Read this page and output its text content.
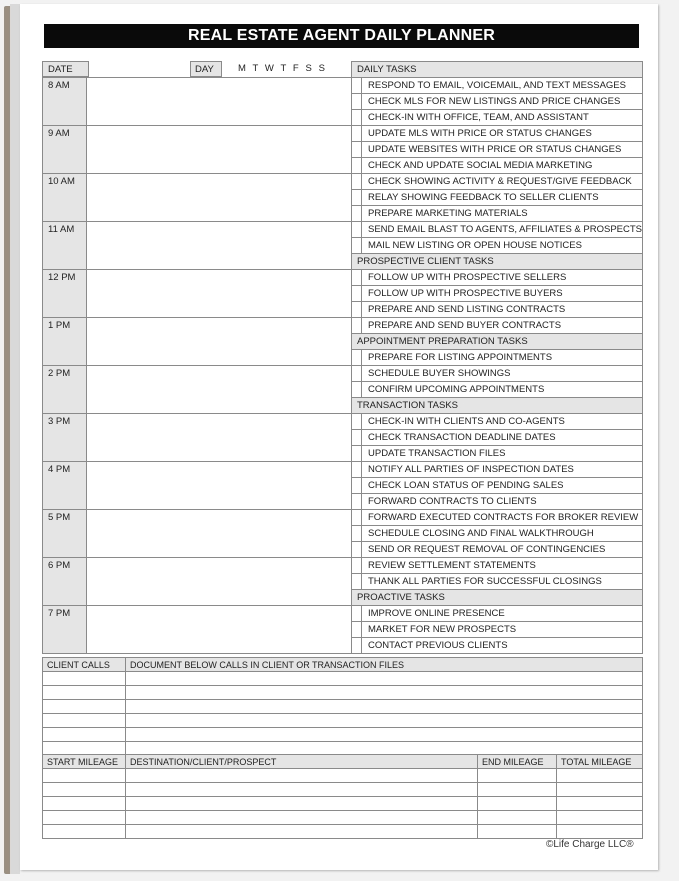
REAL ESTATE AGENT DAILY PLANNER
DATE	DAY	M  T  W  T  F  S  S
8 AM	
9 AM	
10 AM	
11 AM	
12 PM	
1 PM	
2 PM	
3 PM	
4 PM	
5 PM	
6 PM	
7 PM	
DAILY TASKS	
	RESPOND TO EMAIL, VOICEMAIL, AND TEXT MESSAGES
	CHECK MLS FOR NEW LISTINGS AND PRICE CHANGES
	CHECK-IN WITH OFFICE, TEAM, AND ASSISTANT
	UPDATE MLS WITH PRICE OR STATUS CHANGES
	UPDATE WEBSITES WITH PRICE OR STATUS CHANGES
	CHECK AND UPDATE SOCIAL MEDIA MARKETING
	CHECK SHOWING ACTIVITY & REQUEST/GIVE FEEDBACK
	RELAY SHOWING FEEDBACK TO SELLER CLIENTS
	PREPARE MARKETING MATERIALS
	SEND EMAIL BLAST TO AGENTS, AFFILIATES & PROSPECTS
	MAIL NEW LISTING OR OPEN HOUSE NOTICES
PROSPECTIVE CLIENT TASKS	
	FOLLOW UP WITH PROSPECTIVE SELLERS
	FOLLOW UP WITH PROSPECTIVE BUYERS
	PREPARE AND SEND LISTING CONTRACTS
	PREPARE AND SEND BUYER CONTRACTS
APPOINTMENT PREPARATION TASKS	
	PREPARE FOR LISTING APPOINTMENTS
	SCHEDULE BUYER SHOWINGS
	CONFIRM UPCOMING APPOINTMENTS
TRANSACTION TASKS	
	CHECK-IN WITH CLIENTS AND CO-AGENTS
	CHECK TRANSACTION DEADLINE DATES
	UPDATE TRANSACTION FILES
	NOTIFY ALL PARTIES OF INSPECTION DATES
	CHECK LOAN STATUS OF PENDING SALES
	FORWARD CONTRACTS TO CLIENTS
	FORWARD EXECUTED CONTRACTS FOR BROKER REVIEW
	SCHEDULE CLOSING AND FINAL WALKTHROUGH
	SEND OR REQUEST REMOVAL OF CONTINGENCIES
	REVIEW SETTLEMENT STATEMENTS
	THANK ALL PARTIES FOR SUCCESSFUL CLOSINGS
PROACTIVE TASKS	
	IMPROVE ONLINE PRESENCE
	MARKET FOR NEW PROSPECTS
	CONTACT PREVIOUS CLIENTS
CLIENT CALLS	DOCUMENT BELOW CALLS IN CLIENT OR TRANSACTION FILES

START MILEAGE	DESTINATION/CLIENT/PROSPECT	END MILEAGE	TOTAL MILEAGE

©Life Charge LLC®
